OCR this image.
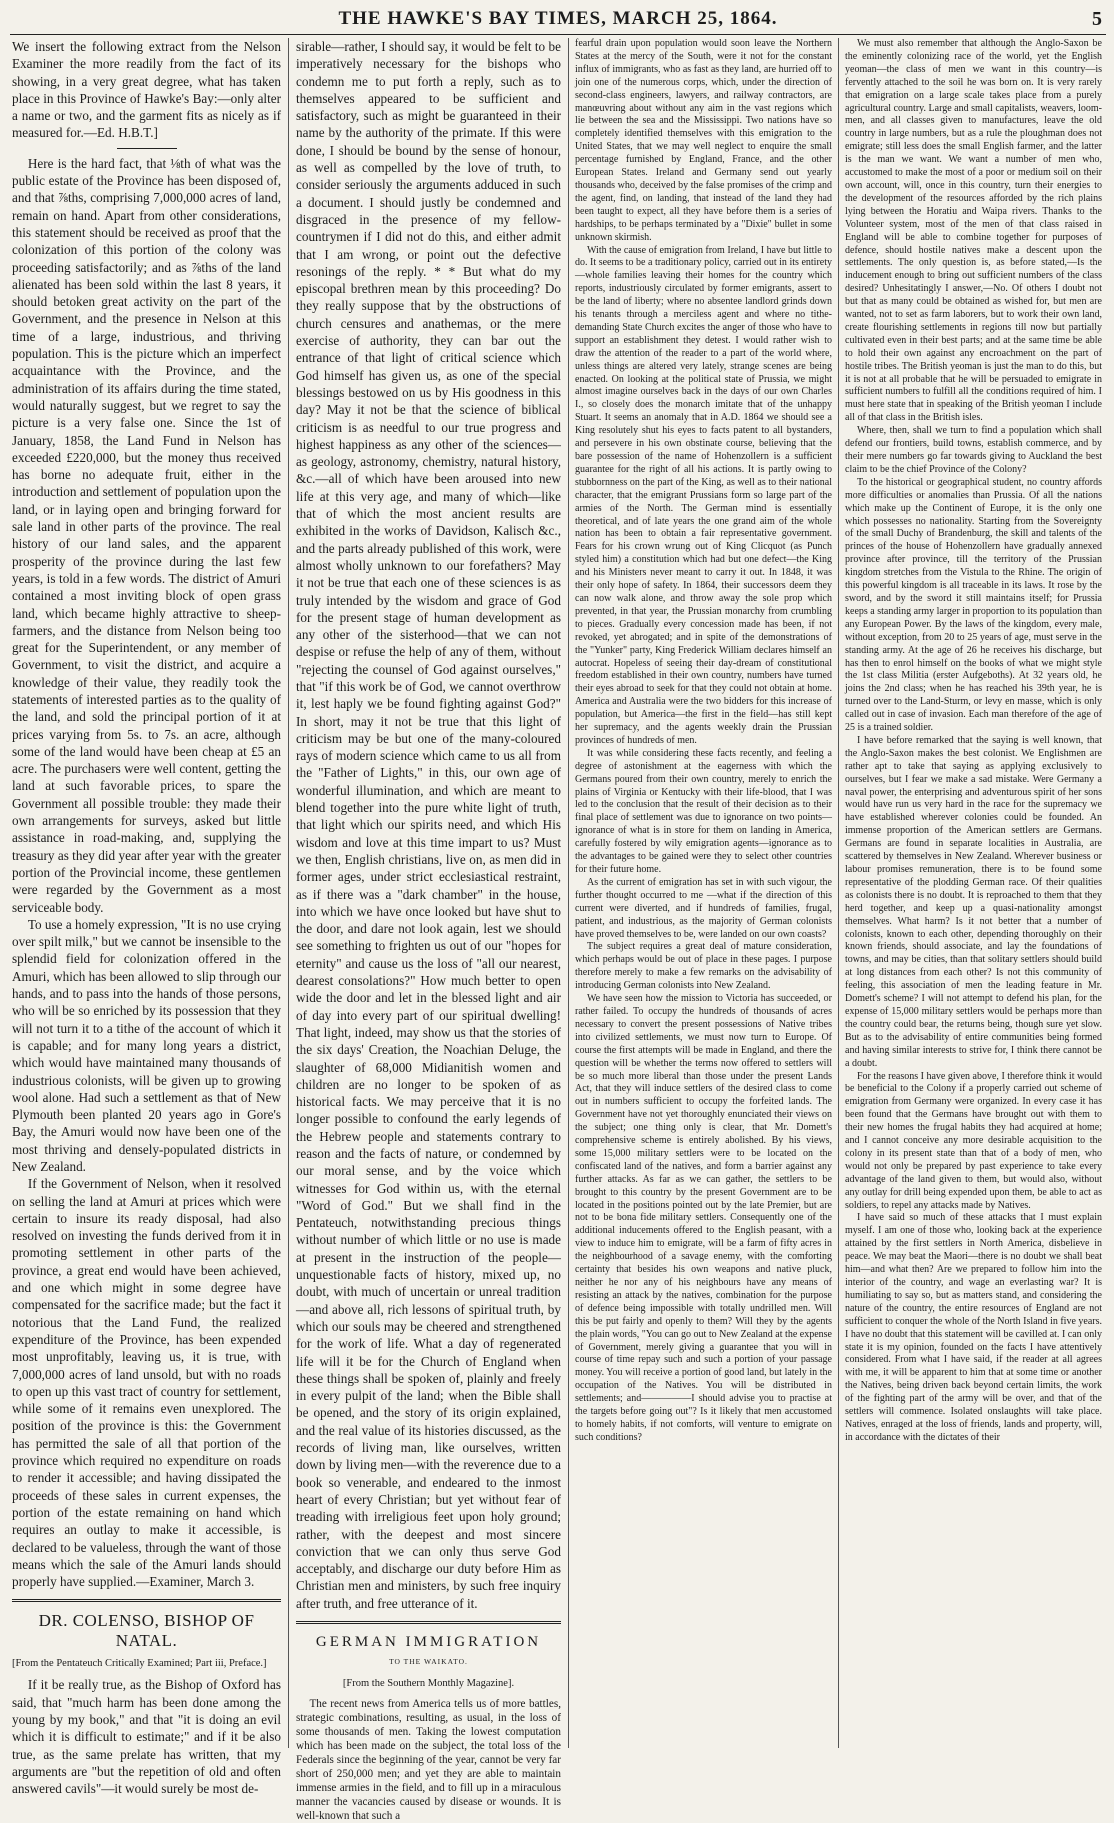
THE HAWKE'S BAY TIMES, MARCH 25, 1864.	5

We insert the following extract from the Nelson Examiner the more readily from the fact of its showing, in a very great degree, what has taken place in this Province of Hawke's Bay:—only alter a name or two, and the garment fits as nicely as if measured for.—Ed. H.B.T.]

Here is the hard fact, that ⅛th of what was the public estate of the Province has been disposed of, and that ⅞ths, comprising 7,000,000 acres of land, remain on hand. Apart from other considerations, this statement should be received as proof that the colonization of this portion of the colony was proceeding satisfactorily; and as ⅞ths of the land alienated has been sold within the last 8 years, it should betoken great activity on the part of the Government, and the presence in Nelson at this time of a large, industrious, and thriving population. This is the picture which an imperfect acquaintance with the Province, and the administration of its affairs during the time stated, would naturally suggest, but we regret to say the picture is a very false one. Since the 1st of January, 1858, the Land Fund in Nelson has exceeded £220,000, but the money thus received has borne no adequate fruit, either in the introduction and settlement of population upon the land, or in laying open and bringing forward for sale land in other parts of the province. The real history of our land sales, and the apparent prosperity of the province during the last few years, is told in a few words. The district of Amuri contained a most inviting block of open grass land, which became highly attractive to sheep-farmers, and the distance from Nelson being too great for the Superintendent, or any member of Government, to visit the district, and acquire a knowledge of their value, they readily took the statements of interested parties as to the quality of the land, and sold the principal portion of it at prices varying from 5s. to 7s. an acre, although some of the land would have been cheap at £5 an acre. The purchasers were well content, getting the land at such favorable prices, to spare the Government all possible trouble: they made their own arrangements for surveys, asked but little assistance in road-making, and, supplying the treasury as they did year after year with the greater portion of the Provincial income, these gentlemen were regarded by the Government as a most serviceable body.

To use a homely expression, "It is no use crying over spilt milk," but we cannot be insensible to the splendid field for colonization offered in the Amuri, which has been allowed to slip through our hands, and to pass into the hands of those persons, who will be so enriched by its possession that they will not turn it to a tithe of the account of which it is capable; and for many long years a district, which would have maintained many thousands of industrious colonists, will be given up to growing wool alone. Had such a settlement as that of New Plymouth been planted 20 years ago in Gore's Bay, the Amuri would now have been one of the most thriving and densely-populated districts in New Zealand.

If the Government of Nelson, when it resolved on selling the land at Amuri at prices which were certain to insure its ready disposal, had also resolved on investing the funds derived from it in promoting settlement in other parts of the province, a great end would have been achieved, and one which might in some degree have compensated for the sacrifice made; but the fact it notorious that the Land Fund, the realized expenditure of the Province, has been expended most unprofitably, leaving us, it is true, with 7,000,000 acres of land unsold, but with no roads to open up this vast tract of country for settlement, while some of it remains even unexplored. The position of the province is this: the Government has permitted the sale of all that portion of the province which required no expenditure on roads to render it accessible; and having dissipated the proceeds of these sales in current expenses, the portion of the estate remaining on hand which requires an outlay to make it accessible, is declared to be valueless, through the want of those means which the sale of the Amuri lands should properly have supplied.—Examiner, March 3.

DR. COLENSO, BISHOP OF NATAL.

[From the Pentateuch Critically Examined; Part iii, Preface.]

If it be really true, as the Bishop of Oxford has said, that "much harm has been done among the young by my book," and that "it is doing an evil which it is difficult to estimate;" and if it be also true, as the same prelate has written, that my arguments are "but the repetition of old and often answered cavils"—it would surely be most de-

sirable—rather, I should say, it would be felt to be imperatively necessary for the bishops who condemn me to put forth a reply, such as to themselves appeared to be sufficient and satisfactory, such as might be guaranteed in their name by the authority of the primate. If this were done, I should be bound by the sense of honour, as well as compelled by the love of truth, to consider seriously the arguments adduced in such a document. I should justly be condemned and disgraced in the presence of my fellow-countrymen if I did not do this, and either admit that I am wrong, or point out the defective resonings of the reply. * * But what do my episcopal brethren mean by this proceeding? Do they really suppose that by the obstructions of church censures and anathemas, or the mere exercise of authority, they can bar out the entrance of that light of critical science which God himself has given us, as one of the special blessings bestowed on us by His goodness in this day? May it not be that the science of biblical criticism is as needful to our true progress and highest happiness as any other of the sciences—as geology, astronomy, chemistry, natural history, &c.—all of which have been aroused into new life at this very age, and many of which—like that of which the most ancient results are exhibited in the works of Davidson, Kalisch &c., and the parts already published of this work, were almost wholly unknown to our forefathers? May it not be true that each one of these sciences is as truly intended by the wisdom and grace of God for the present stage of human development as any other of the sisterhood—that we can not despise or refuse the help of any of them, without "rejecting the counsel of God against ourselves," that "if this work be of God, we cannot overthrow it, lest haply we be found fighting against God?" In short, may it not be true that this light of criticism may be but one of the many-coloured rays of modern science which came to us all from the "Father of Lights," in this, our own age of wonderful illumination, and which are meant to blend together into the pure white light of truth, that light which our spirits need, and which His wisdom and love at this time impart to us? Must we then, English christians, live on, as men did in former ages, under strict ecclesiastical restraint, as if there was a "dark chamber" in the house, into which we have once looked but have shut to the door, and dare not look again, lest we should see something to frighten us out of our "hopes for eternity" and cause us the loss of "all our nearest, dearest consolations?" How much better to open wide the door and let in the blessed light and air of day into every part of our spiritual dwelling! That light, indeed, may show us that the stories of the six days' Creation, the Noachian Deluge, the slaughter of 68,000 Midianitish women and children are no longer to be spoken of as historical facts. We may perceive that it is no longer possible to confound the early legends of the Hebrew people and statements contrary to reason and the facts of nature, or condemned by our moral sense, and by the voice which witnesses for God within us, with the eternal "Word of God." But we shall find in the Pentateuch, notwithstanding precious things without number of which little or no use is made at present in the instruction of the people—unquestionable facts of history, mixed up, no doubt, with much of uncertain or unreal tradition—and above all, rich lessons of spiritual truth, by which our souls may be cheered and strengthened for the work of life. What a day of regenerated life will it be for the Church of England when these things shall be spoken of, plainly and freely in every pulpit of the land; when the Bible shall be opened, and the story of its origin explained, and the real value of its histories discussed, as the records of living man, like ourselves, written down by living men—with the reverence due to a book so venerable, and endeared to the inmost heart of every Christian; but yet without fear of treading with irreligious feet upon holy ground; rather, with the deepest and most sincere conviction that we can only thus serve God acceptably, and discharge our duty before Him as Christian men and ministers, by such free inquiry after truth, and free utterance of it.

GERMAN IMMIGRATION
TO THE WAIKATO.

[From the Southern Monthly Magazine].

The recent news from America tells us of more battles, strategic combinations, resulting, as usual, in the loss of some thousands of men. Taking the lowest computation which has been made on the subject, the total loss of the Federals since the beginning of the year, cannot be very far short of 250,000 men; and yet they are able to maintain immense armies in the field, and to fill up in a miraculous manner the vacancies caused by disease or wounds. It is well-known that such a

fearful drain upon population would soon leave the Northern States at the mercy of the South, were it not for the constant influx of immigrants, who as fast as they land, are hurried off to join one of the numerous corps, which, under the direction of second-class engineers, lawyers, and railway contractors, are manœuvring about without any aim in the vast regions which lie between the sea and the Mississippi. Two nations have so completely identified themselves with this emigration to the United States, that we may well neglect to enquire the small percentage furnished by England, France, and the other European States. Ireland and Germany send out yearly thousands who, deceived by the false promises of the crimp and the agent, find, on landing, that instead of the land they had been taught to expect, all they have before them is a series of hardships, to be perhaps terminated by a "Dixie" bullet in some unknown skirmish.

With the cause of emigration from Ireland, I have but little to do. It seems to be a traditionary policy, carried out in its entirety—whole families leaving their homes for the country which reports, industriously circulated by former emigrants, assert to be the land of liberty; where no absentee landlord grinds down his tenants through a merciless agent and where no tithe-demanding State Church excites the anger of those who have to support an establishment they detest. I would rather wish to draw the attention of the reader to a part of the world where, unless things are altered very lately, strange scenes are being enacted. On looking at the political state of Prussia, we might almost imagine ourselves back in the days of our own Charles I., so closely does the monarch imitate that of the unhappy Stuart. It seems an anomaly that in A.D. 1864 we should see a King resolutely shut his eyes to facts patent to all bystanders, and persevere in his own obstinate course, believing that the bare possession of the name of Hohenzollern is a sufficient guarantee for the right of all his actions. It is partly owing to stubbornness on the part of the King, as well as to their national character, that the emigrant Prussians form so large part of the armies of the North. The German mind is essentially theoretical, and of late years the one grand aim of the whole nation has been to obtain a fair representative government. Fears for his crown wrung out of King Clicquot (as Punch styled him) a constitution which had but one defect—the King and his Ministers never meant to carry it out. In 1848, it was their only hope of safety. In 1864, their successors deem they can now walk alone, and throw away the sole prop which prevented, in that year, the Prussian monarchy from crumbling to pieces. Gradually every concession made has been, if not revoked, yet abrogated; and in spite of the demonstrations of the "Yunker" party, King Frederick William declares himself an autocrat. Hopeless of seeing their day-dream of constitutional freedom established in their own country, numbers have turned their eyes abroad to seek for that they could not obtain at home. America and Australia were the two bidders for this increase of population, but America—the first in the field—has still kept her supremacy, and the agents weekly drain the Prussian provinces of hundreds of men.

It was while considering these facts recently, and feeling a degree of astonishment at the eagerness with which the Germans poured from their own country, merely to enrich the plains of Virginia or Kentucky with their life-blood, that I was led to the conclusion that the result of their decision as to their final place of settlement was due to ignorance on two points—ignorance of what is in store for them on landing in America, carefully fostered by wily emigration agents—ignorance as to the advantages to be gained were they to select other countries for their future home.

As the current of emigration has set in with such vigour, the further thought occurred to me —what if the direction of this current were diverted, and if hundreds of families, frugal, patient, and industrious, as the majority of German colonists have proved themselves to be, were landed on our own coasts?

The subject requires a great deal of mature consideration, which perhaps would be out of place in these pages. I purpose therefore merely to make a few remarks on the advisability of introducing German colonists into New Zealand.

We have seen how the mission to Victoria has succeeded, or rather failed. To occupy the hundreds of thousands of acres necessary to convert the present possessions of Native tribes into civilized settlements, we must now turn to Europe. Of course the first attempts will be made in England, and there the question will be whether the terms now offered to settlers will be so much more liberal than those under the present Lands Act, that they will induce settlers of the desired class to come out in numbers sufficient to occupy the forfeited lands. The Government have not yet thoroughly enunciated their views on the subject; one thing only is clear, that Mr. Domett's comprehensive scheme is entirely abolished. By his views, some 15,000 military settlers were to be located on the confiscated land of the natives, and form a barrier against any further attacks. As far as we can gather, the settlers to be brought to this country by the present Government are to be located in the positions pointed out by the late Premier, but are not to be bona fide military settlers. Consequently one of the additional inducements offered to the English peasant, with a view to induce him to emigrate, will be a farm of fifty acres in the neighbourhood of a savage enemy, with the comforting certainty that besides his own weapons and native pluck, neither he nor any of his neighbours have any means of resisting an attack by the natives, combination for the purpose of defence being impossible with totally undrilled men. Will this be put fairly and openly to them? Will they by the agents the plain words, "You can go out to New Zealand at the expense of Government, merely giving a guarantee that you will in course of time repay such and such a portion of your passage money. You will receive a portion of good land, but lately in the occupation of the Natives. You will be distributed in settlements; and—————I should advise you to practise at the targets before going out"? Is it likely that men accustomed to homely habits, if not comforts, will venture to emigrate on such conditions?

We must also remember that although the Anglo-Saxon be the eminently colonizing race of the world, yet the English yeoman—the class of men we want in this country—is fervently attached to the soil he was born on. It is very rarely that emigration on a large scale takes place from a purely agricultural country. Large and small capitalists, weavers, loom-men, and all classes given to manufactures, leave the old country in large numbers, but as a rule the ploughman does not emigrate; still less does the small English farmer, and the latter is the man we want. We want a number of men who, accustomed to make the most of a poor or medium soil on their own account, will, once in this country, turn their energies to the development of the resources afforded by the rich plains lying between the Horatiu and Waipa rivers. Thanks to the Volunteer system, most of the men of that class raised in England will be able to combine together for purposes of defence, should hostile natives make a descent upon the settlements. The only question is, as before stated,—Is the inducement enough to bring out sufficient numbers of the class desired? Unhesitatingly I answer,—No. Of others I doubt not but that as many could be obtained as wished for, but men are wanted, not to set as farm laborers, but to work their own land, create flourishing settlements in regions till now but partially cultivated even in their best parts; and at the same time be able to hold their own against any encroachment on the part of hostile tribes. The British yeoman is just the man to do this, but it is not at all probable that he will be persuaded to emigrate in sufficient numbers to fulfill all the conditions required of him. I must here state that in speaking of the British yeoman I include all of that class in the British isles.

Where, then, shall we turn to find a population which shall defend our frontiers, build towns, establish commerce, and by their mere numbers go far towards giving to Auckland the best claim to be the chief Province of the Colony?

To the historical or geographical student, no country affords more difficulties or anomalies than Prussia. Of all the nations which make up the Continent of Europe, it is the only one which possesses no nationality. Starting from the Sovereignty of the small Duchy of Brandenburg, the skill and talents of the princes of the house of Hohenzollern have gradually annexed province after province, till the territory of the Prussian kingdom stretches from the Vistula to the Rhine. The origin of this powerful kingdom is all traceable in its laws. It rose by the sword, and by the sword it still maintains itself; for Prussia keeps a standing army larger in proportion to its population than any European Power. By the laws of the kingdom, every male, without exception, from 20 to 25 years of age, must serve in the standing army. At the age of 26 he receives his discharge, but has then to enrol himself on the books of what we might style the 1st class Militia (erster Aufgeboths). At 32 years old, he joins the 2nd class; when he has reached his 39th year, he is turned over to the Land-Sturm, or levy en masse, which is only called out in case of invasion. Each man therefore of the age of 25 is a trained soldier.

I have before remarked that the saying is well known, that the Anglo-Saxon makes the best colonist. We Englishmen are rather apt to take that saying as applying exclusively to ourselves, but I fear we make a sad mistake. Were Germany a naval power, the enterprising and adventurous spirit of her sons would have run us very hard in the race for the supremacy we have established wherever colonies could be founded. An immense proportion of the American settlers are Germans. Germans are found in separate localities in Australia, are scattered by themselves in New Zealand. Wherever business or labour promises remuneration, there is to be found some representative of the plodding German race. Of their qualities as colonists there is no doubt. It is reproached to them that they herd together, and keep up a quasi-nationality amongst themselves. What harm? Is it not better that a number of colonists, known to each other, depending thoroughly on their known friends, should associate, and lay the foundations of towns, and may be cities, than that solitary settlers should build at long distances from each other? Is not this community of feeling, this association of men the leading feature in Mr. Domett's scheme? I will not attempt to defend his plan, for the expense of 15,000 military settlers would be perhaps more than the country could bear, the returns being, though sure yet slow. But as to the advisability of entire communities being formed and having similar interests to strive for, I think there cannot be a doubt.

For the reasons I have given above, I therefore think it would be beneficial to the Colony if a properly carried out scheme of emigration from Germany were organized. In every case it has been found that the Germans have brought out with them to their new homes the frugal habits they had acquired at home; and I cannot conceive any more desirable acquisition to the colony in its present state than that of a body of men, who would not only be prepared by past experience to take every advantage of the land given to them, but would also, without any outlay for drill being expended upon them, be able to act as soldiers, to repel any attacks made by Natives.

I have said so much of these attacks that I must explain myself. I am one of those who, looking back at the experience attained by the first settlers in North America, disbelieve in peace. We may beat the Maori—there is no doubt we shall beat him—and what then? Are we prepared to follow him into the interior of the country, and wage an everlasting war? It is humiliating to say so, but as matters stand, and considering the nature of the country, the entire resources of England are not sufficient to conquer the whole of the North Island in five years. I have no doubt that this statement will be cavilled at. I can only state it is my opinion, founded on the facts I have attentively considered. From what I have said, if the reader at all agrees with me, it will be apparent to him that at some time or another the Natives, being driven back beyond certain limits, the work of the fighting part of the army will be over, and that of the settlers will commence. Isolated onslaughts will take place. Natives, enraged at the loss of friends, lands and property, will, in accordance with the dictates of their
